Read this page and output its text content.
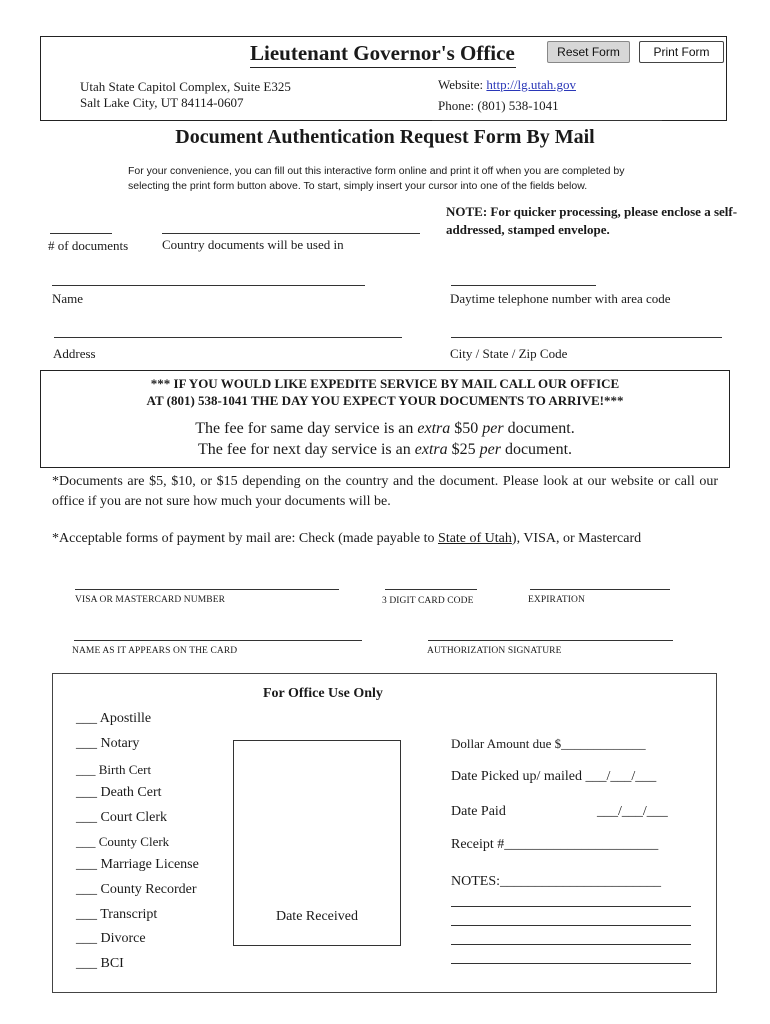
Lieutenant Governor's Office	Reset Form	Print Form
Utah State Capitol Complex, Suite E325
Salt Lake City, UT 84114-0607
Website: http://lg.utah.gov
Phone: (801) 538-1041
Document Authentication Request Form By Mail
For your convenience, you can fill out this interactive form online and print it off when you are completed by selecting the print form button above. To start, simply insert your cursor into one of the fields below.
NOTE: For quicker processing, please enclose a self-addressed, stamped envelope.
# of documents	Country documents will be used in
Name	Daytime telephone number with area code
Address	City / State / Zip Code
*** IF YOU WOULD LIKE EXPEDITE SERVICE BY MAIL CALL OUR OFFICE
AT (801) 538-1041 THE DAY YOU EXPECT YOUR DOCUMENTS TO ARRIVE!***
The fee for same day service is an extra $50 per document.
The fee for next day service is an extra $25 per document.
*Documents are $5, $10, or $15 depending on the country and the document. Please look at our website or call our office if you are not sure how much your documents will be.
*Acceptable forms of payment by mail are: Check (made payable to State of Utah), VISA, or Mastercard
VISA OR MASTERCARD NUMBER	3 DIGIT CARD CODE	EXPIRATION
NAME AS IT APPEARS ON THE CARD	AUTHORIZATION SIGNATURE
For Office Use Only
___ Apostille
___ Notary
___ Birth Cert
___ Death Cert
___ Court Clerk
___ County Clerk
___ Marriage License
___ County Recorder
___ Transcript
___ Divorce
___ BCI
Date Received
Dollar Amount due $_____________
Date Picked up/ mailed ___/___/___
Date Paid	___/___/___
Receipt #______________________
NOTES:_______________________
